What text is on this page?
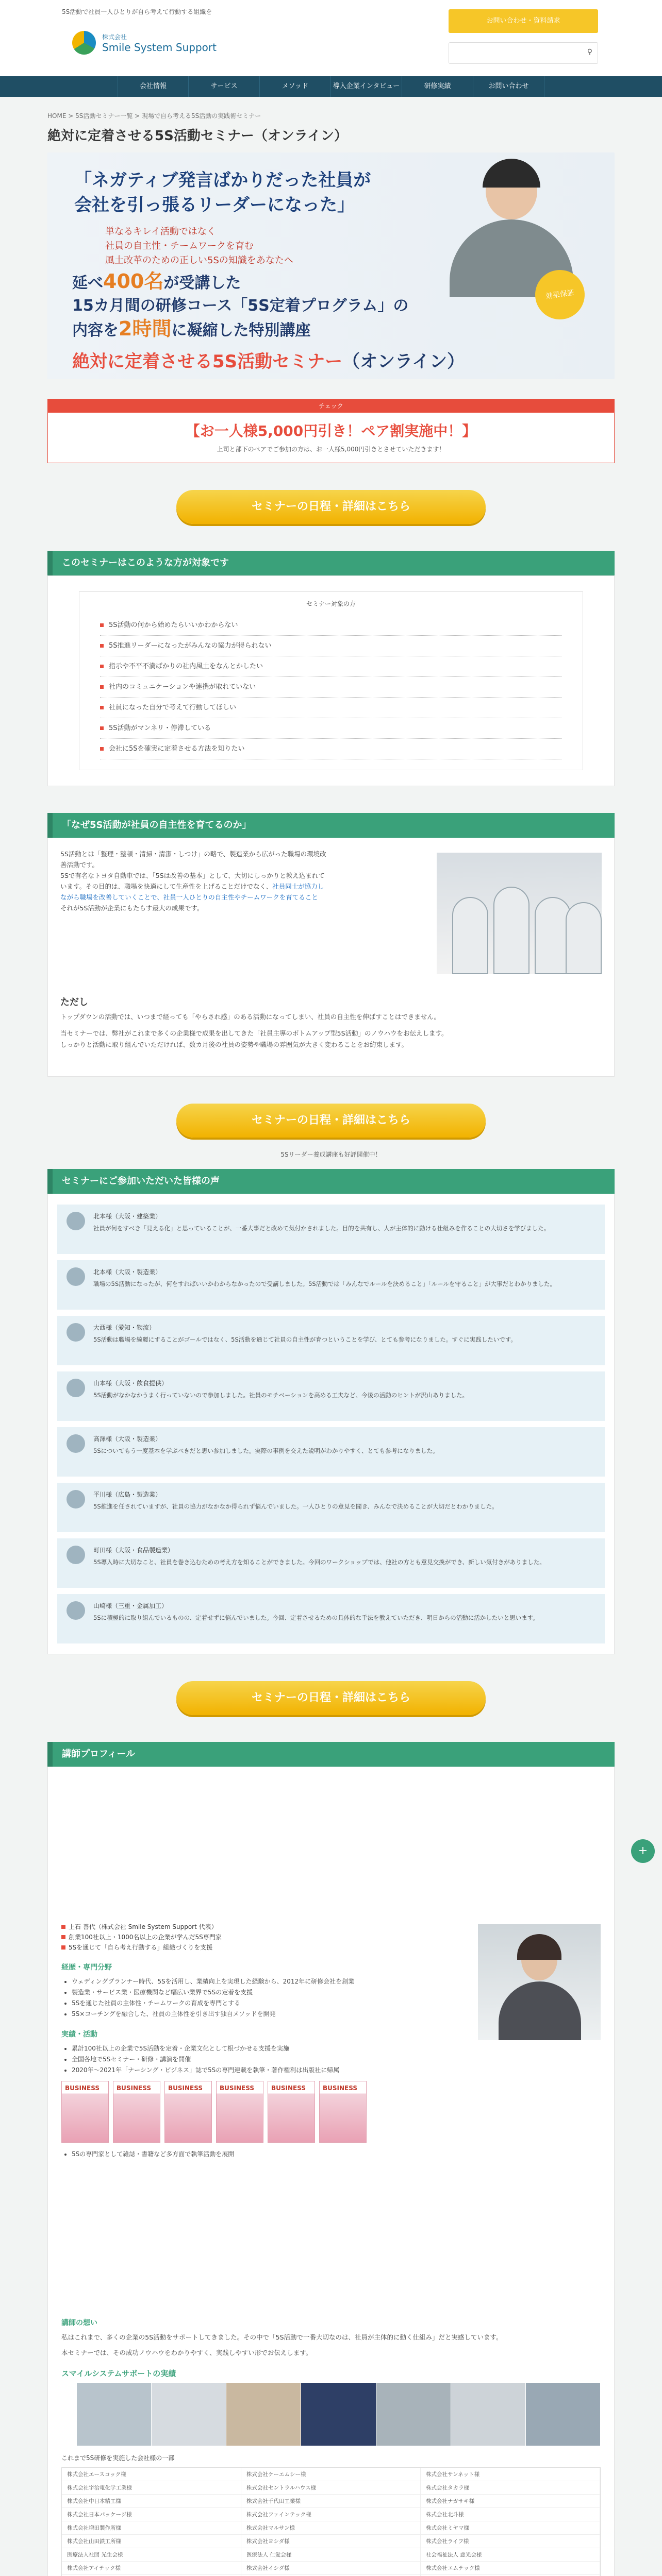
5S活動で社員一人ひとりが自ら考えて行動する組織を
株式会社
Smile System Support
お問い合わせ・資料請求
⚲
会社情報	サービス	メソッド	導入企業インタビュー	研修実績	お問い合わせ
HOME > 5S活動セミナー一覧 > 現場で自ら考える5S活動の実践術セミナー
絶対に定着させる5S活動セミナー（オンライン）
「ネガティブ発言ばかりだった社員が
会社を引っ張るリーダーになった」
単なるキレイ活動ではなく
社員の自主性・チームワークを育む
風土改革のための正しい5Sの知識をあなたへ
延べ400名が受講した
15カ月間の研修コース「5S定着プログラム」の
内容を2時間に凝縮した特別講座
絶対に定着させる5S活動セミナー（オンライン）
効果保証
チェック
【お一人様5,000円引き！ペア割実施中！】
上司と部下のペアでご参加の方は、お一人様5,000円引きとさせていただきます！
セミナーの日程・詳細はこちら
このセミナーはこのような方が対象です
セミナー対象の方
5S活動の何から始めたらいいかわからない
5S推進リーダーになったがみんなの協力が得られない
指示や不平不満ばかりの社内風土をなんとかしたい
社内のコミュニケーションや連携が取れていない
社員になった自分で考えて行動してほしい
5S活動がマンネリ・停滞している
会社に5Sを確実に定着させる方法を知りたい
「なぜ5S活動が社員の自主性を育てるのか」
5S活動とは「整理・整頓・清掃・清潔・しつけ」の略で、製造業から広がった職場の環境改善活動です。
5Sで有名なトヨタ自動車では、「5Sは改善の基本」として、大切にしっかりと教え込まれています。その目的は、職場を快適にして生産性を上げることだけでなく、社員同士が協力しながら職場を改善していくことで、社員一人ひとりの自主性やチームワークを育てること
それが5S活動が企業にもたらす最大の成果です。
ただし
トップダウンの活動では、いつまで経っても「やらされ感」のある活動になってしまい、社員の自主性を伸ばすことはできません。
当セミナーでは、弊社がこれまで多くの企業様で成果を出してきた「社員主導のボトムアップ型5S活動」のノウハウをお伝えします。
しっかりと活動に取り組んでいただければ、数カ月後の社員の姿勢や職場の雰囲気が大きく変わることをお約束します。
セミナーの日程・詳細はこちら
5Sリーダー養成講座も好評開催中！
セミナーにご参加いただいた皆様の声
北本様（大阪・建築業）
社員が何をすべき「見える化」と思っていることが、一番大事だと改めて気付かされました。目的を共有し、人が主体的に動ける仕組みを作ることの大切さを学びました。
北本様（大阪・製造業）
職場の5S活動になったが、何をすればいいかわからなかったので受講しました。5S活動では「みんなでルールを決めること」「ルールを守ること」が大事だとわかりました。
大西様（愛知・物流）
5S活動は職場を綺麗にすることがゴールではなく、5S活動を通じて社員の自主性が育つということを学び、とても参考になりました。すぐに実践したいです。
山本様（大阪・飲食提供）
5S活動がなかなかうまく行っていないので参加しました。社員のモチベーションを高める工夫など、今後の活動のヒントが沢山ありました。
高澤様（大阪・製造業）
5Sについてもう一度基本を学ぶべきだと思い参加しました。実際の事例を交えた説明がわかりやすく、とても参考になりました。
平川様（広島・製造業）
5S推進を任されていますが、社員の協力がなかなか得られず悩んでいました。一人ひとりの意見を聞き、みんなで決めることが大切だとわかりました。
町田様（大阪・食品製造業）
5S導入時に大切なこと、社員を巻き込むための考え方を知ることができました。今回のワークショップでは、他社の方とも意見交換ができ、新しい気付きがありました。
山崎様（三重・金属加工）
5Sに積極的に取り組んでいるものの、定着せずに悩んでいました。今回、定着させるための具体的な手法を教えていただき、明日からの活動に活かしたいと思います。
セミナーの日程・詳細はこちら
講師プロフィール
上石 善代（株式会社 Smile System Support 代表）
創業100社以上・1000名以上の企業が学んだ5S専門家
5Sを通じて「自ら考え行動する」組織づくりを支援
経歴・専門分野
• ウェディングプランナー時代、5Sを活用し、業績向上を実現した経験から、2012年に研修会社を創業
• 製造業・サービス業・医療機関など幅広い業界で5Sの定着を支援
• 5Sを通じた社員の主体性・チームワークの育成を専門とする
• 5S×コーチングを融合した、社員の主体性を引き出す独自メソッドを開発
実績・活動
• 累計100社以上の企業で5S活動を定着・企業文化として根づかせる支援を実施
• 全国各地で5Sセミナー・研修・講演を開催
• 2020年〜2021年「ナーシング・ビジネス」誌で5Sの専門連載を執筆・著作権利は出版社に帰属
BUSINESS
BUSINESS
BUSINESS
BUSINESS
BUSINESS
BUSINESS
• 5Sの専門家として雑誌・書籍など多方面で執筆活動を展開
講師の想い
私はこれまで、多くの企業の5S活動をサポートしてきました。その中で「5S活動で一番大切なのは、社員が主体的に動く仕組み」だと実感しています。
本セミナーでは、その成功ノウハウをわかりやすく、実践しやすい形でお伝えします。
スマイルシステムサポートの実績
これまで5S研修を実施した会社様の一部
株式会社エースコック様	株式会社ケーエムシー様	株式会社サンネット様
株式会社宇治電化学工業様	株式会社セントラルハウス様	株式会社タカラ様
株式会社中日本精工様	株式会社千代田工業様	株式会社ナガサキ様
株式会社日本パッケージ様	株式会社ファインテック様	株式会社北斗様
株式会社増田製作所様	株式会社マルサン様	株式会社ミヤマ様
株式会社山田鉄工所様	株式会社ヨシダ様	株式会社ライフ様
医療法人社団 光生会様	医療法人 仁愛会様	社会福祉法人 慈光会様
株式会社アイテック様	株式会社イシダ様	株式会社エムテック様
+
